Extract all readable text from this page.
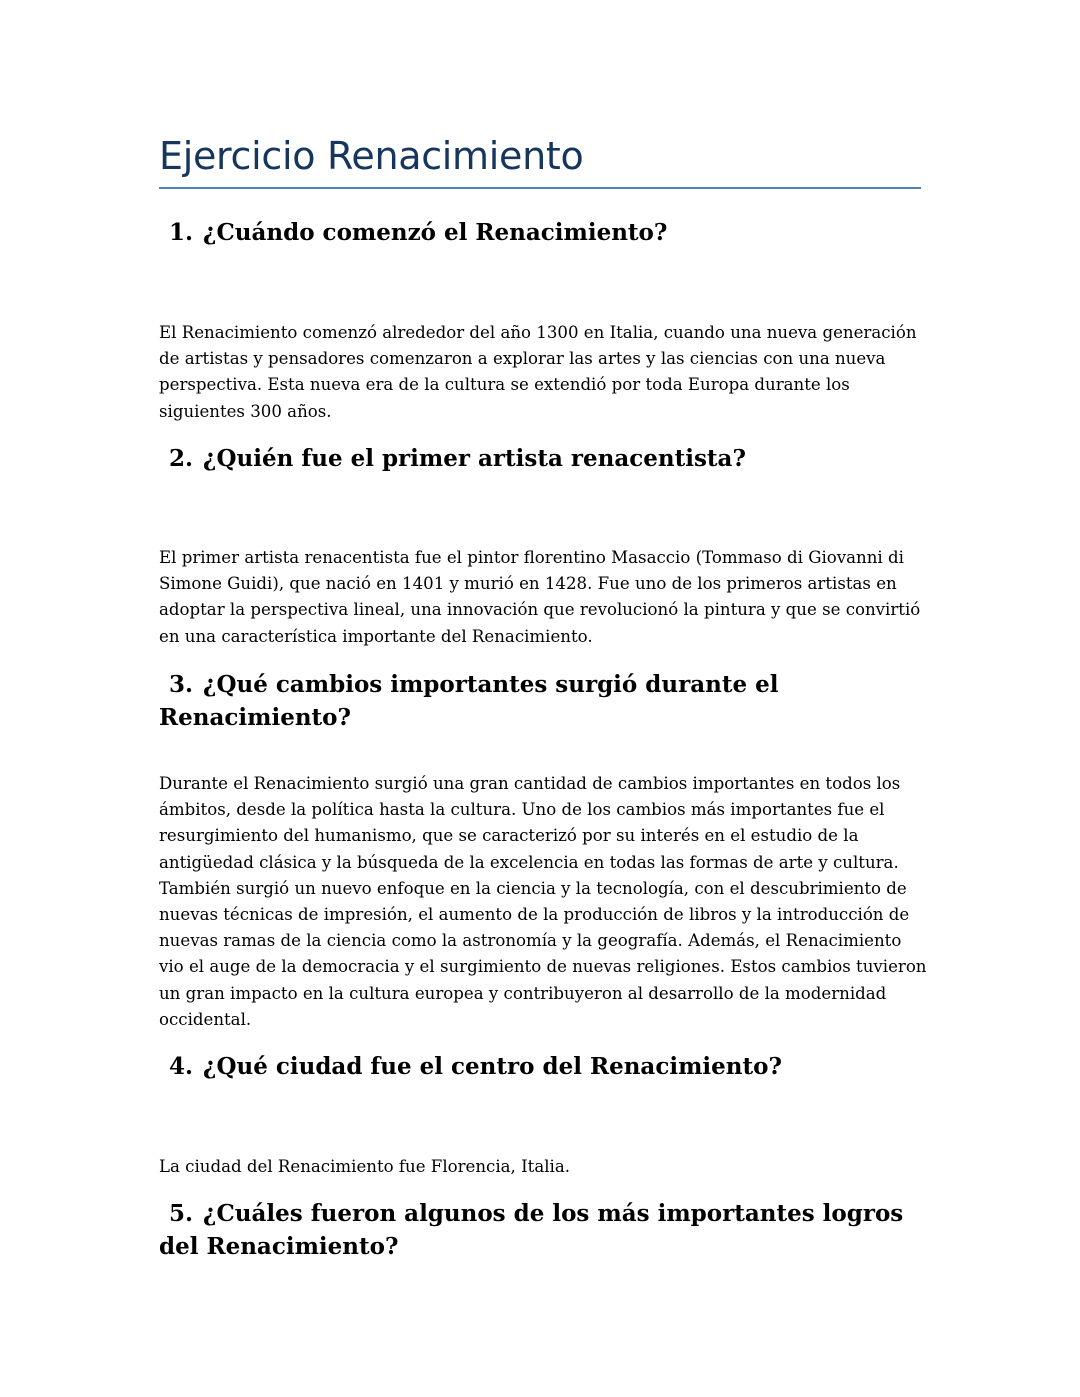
Ejercicio Renacimiento
1. ¿Cuándo comenzó el Renacimiento?

El Renacimiento comenzó alrededor del año 1300 en Italia, cuando una nueva generación de artistas y pensadores comenzaron a explorar las artes y las ciencias con una nueva perspectiva. Esta nueva era de la cultura se extendió por toda Europa durante los siguientes 300 años.

2. ¿Quién fue el primer artista renacentista?

El primer artista renacentista fue el pintor florentino Masaccio (Tommaso di Giovanni di Simone Guidi), que nació en 1401 y murió en 1428. Fue uno de los primeros artistas en adoptar la perspectiva lineal, una innovación que revolucionó la pintura y que se convirtió en una característica importante del Renacimiento.

3. ¿Qué cambios importantes surgió durante el Renacimiento?

Durante el Renacimiento surgió una gran cantidad de cambios importantes en todos los ámbitos, desde la política hasta la cultura. Uno de los cambios más importantes fue el resurgimiento del humanismo, que se caracterizó por su interés en el estudio de la antigüedad clásica y la búsqueda de la excelencia en todas las formas de arte y cultura. También surgió un nuevo enfoque en la ciencia y la tecnología, con el descubrimiento de nuevas técnicas de impresión, el aumento de la producción de libros y la introducción de nuevas ramas de la ciencia como la astronomía y la geografía. Además, el Renacimiento vio el auge de la democracia y el surgimiento de nuevas religiones. Estos cambios tuvieron un gran impacto en la cultura europea y contribuyeron al desarrollo de la modernidad occidental.

4. ¿Qué ciudad fue el centro del Renacimiento?

La ciudad del Renacimiento fue Florencia, Italia.

5. ¿Cuáles fueron algunos de los más importantes logros del Renacimiento?
